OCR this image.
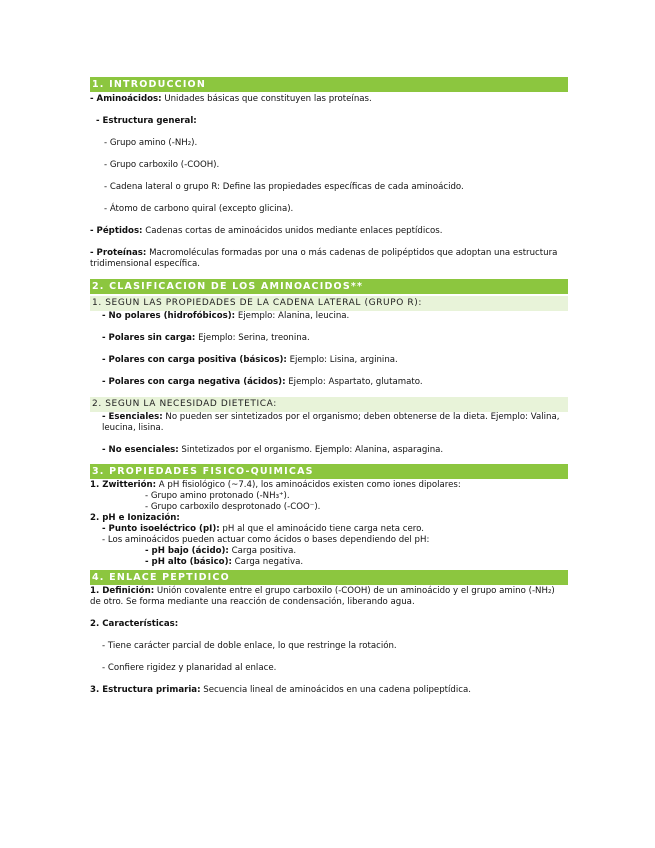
1. INTRODUCCION
- Aminoácidos: Unidades básicas que constituyen las proteínas.
- Estructura general:
- Grupo amino (-NH₂).
- Grupo carboxilo (-COOH).
- Cadena lateral o grupo R: Define las propiedades específicas de cada aminoácido.
- Átomo de carbono quiral (excepto glicina).
- Péptidos: Cadenas cortas de aminoácidos unidos mediante enlaces peptídicos.
- Proteínas: Macromoléculas formadas por una o más cadenas de polipéptidos que adoptan una estructura tridimensional específica.
2. CLASIFICACION DE LOS AMINOACIDOS**
1. SEGUN LAS PROPIEDADES DE LA CADENA LATERAL (GRUPO R):
- No polares (hidrofóbicos): Ejemplo: Alanina, leucina.
- Polares sin carga: Ejemplo: Serina, treonina.
- Polares con carga positiva (básicos): Ejemplo: Lisina, arginina.
- Polares con carga negativa (ácidos): Ejemplo: Aspartato, glutamato.
2. SEGUN LA NECESIDAD DIETETICA:
- Esenciales: No pueden ser sintetizados por el organismo; deben obtenerse de la dieta. Ejemplo: Valina, leucina, lisina.
- No esenciales: Sintetizados por el organismo. Ejemplo: Alanina, asparagina.
3. PROPIEDADES FISICO-QUIMICAS
1. Zwitterión: A pH fisiológico (~7.4), los aminoácidos existen como iones dipolares:
- Grupo amino protonado (-NH₃⁺).
- Grupo carboxilo desprotonado (-COO⁻).
2. pH e Ionización:
- Punto isoeléctrico (pI): pH al que el aminoácido tiene carga neta cero.
- Los aminoácidos pueden actuar como ácidos o bases dependiendo del pH:
- pH bajo (ácido): Carga positiva.
- pH alto (básico): Carga negativa.
4. ENLACE PEPTIDICO
1. Definición: Unión covalente entre el grupo carboxilo (-COOH) de un aminoácido y el grupo amino (-NH₂) de otro. Se forma mediante una reacción de condensación, liberando agua.
2. Características:
- Tiene carácter parcial de doble enlace, lo que restringe la rotación.
- Confiere rigidez y planaridad al enlace.
3. Estructura primaria: Secuencia lineal de aminoácidos en una cadena polipeptídica.
